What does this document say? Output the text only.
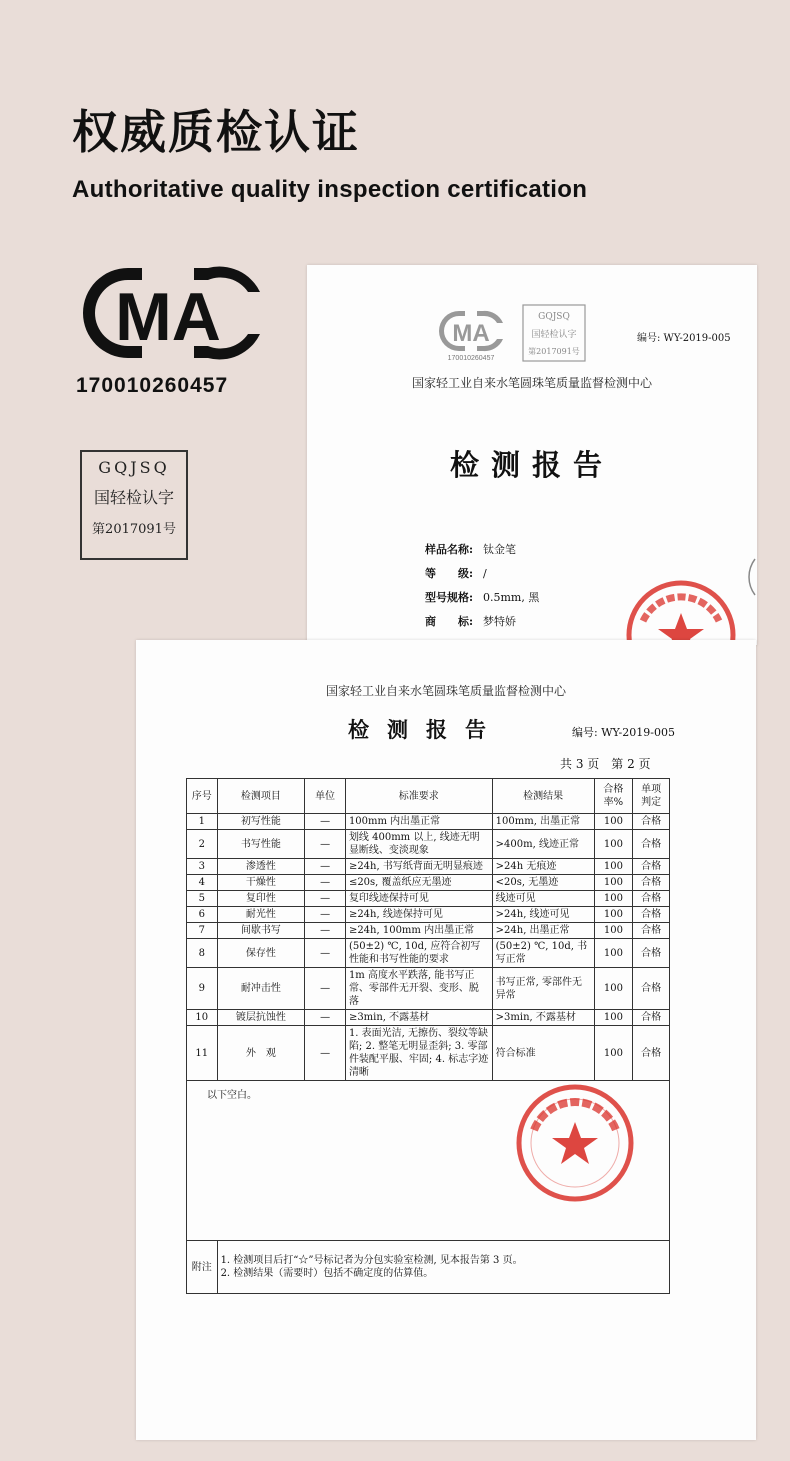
权威质检认证

Authoritative quality inspection certification

MA
170010260457
GQJSQ
国轻检认字
第2017091号
MA
170010260457
GQJSQ
国轻检认字
第2017091号
编号: WY-2019-005
国家轻工业自来水笔圆珠笔质量监督检测中心
检测报告
样品名称: 钛金笔
等　　级: /
型号规格: 0.5mm, 黑
商　　标: 梦特娇
国家轻工业自来水笔圆珠笔质量监督检测中心
检测报告	编号: WY-2019-005
共 3 页　第 2 页
序号	检测项目	单位	标准要求	检测结果	合格率%	单项判定
1	初写性能	—	100mm 内出墨正常	100mm, 出墨正常	100	合格
2	书写性能	—	划线 400mm 以上, 线迹无明显断线、变淡现象	>400m, 线迹正常	100	合格
3	渗透性	—	≥24h, 书写纸背面无明显痕迹	>24h 无痕迹	100	合格
4	干燥性	—	≤20s, 覆盖纸应无墨迹	<20s, 无墨迹	100	合格
5	复印性	—	复印线迹保持可见	线迹可见	100	合格
6	耐光性	—	≥24h, 线迹保持可见	>24h, 线迹可见	100	合格
7	间歇书写	—	≥24h, 100mm 内出墨正常	>24h, 出墨正常	100	合格
8	保存性	—	(50±2) ℃, 10d, 应符合初写性能和书写性能的要求	(50±2) ℃, 10d, 书写正常	100	合格
9	耐冲击性	—	1m 高度水平跌落, 能书写正常、零部件无开裂、变形、脱落	书写正常, 零部件无异常	100	合格
10	镀层抗蚀性	—	≥3min, 不露基材	>3min, 不露基材	100	合格
11	外　观	—	1. 表面光洁, 无擦伤、裂纹等缺陷; 2. 整笔无明显歪斜; 3. 零部件装配平服、牢固; 4. 标志字迹清晰	符合标准	100	合格
以下空白。						
附注	1. 检测项目后打“☆”号标记者为分包实验室检测, 见本报告第 3 页。
2. 检测结果（需要时）包括不确定度的估算值。					
